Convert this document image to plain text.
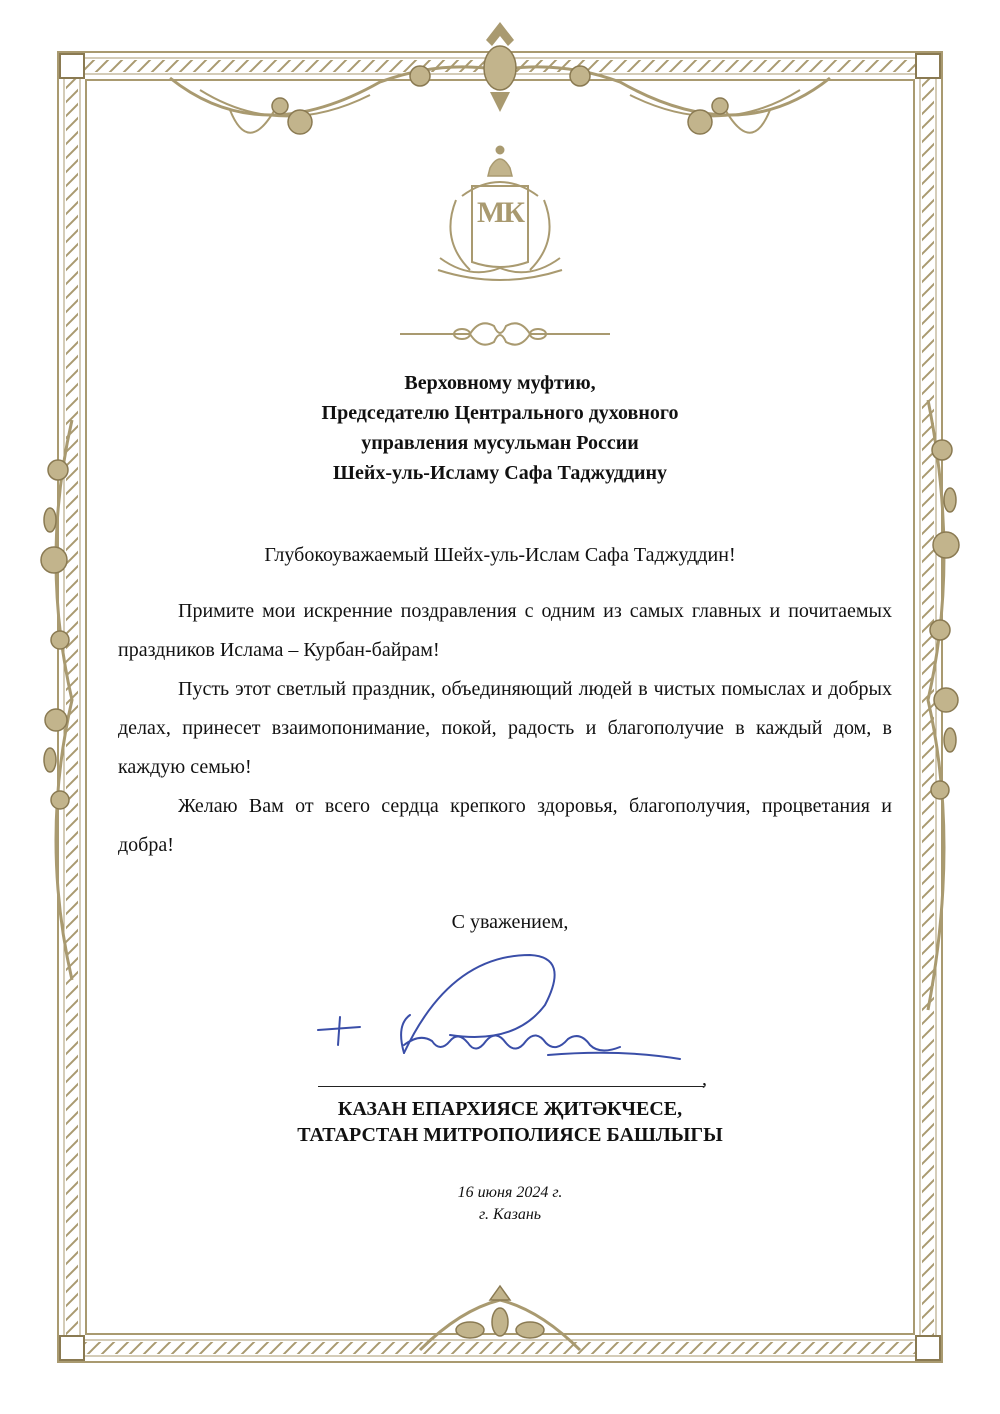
МК
Верховному муфтию,
Председателю Центрального духовного
управления мусульман России
Шейх-уль-Исламу Сафа Таджуддину
Глубокоуважаемый Шейх-уль-Ислам Сафа Таджуддин!

Примите мои искренние поздравления с одним из самых главных и почитаемых праздников Ислама – Курбан-байрам!

Пусть этот светлый праздник, объединяющий людей в чистых помыслах и добрых делах, принесет взаимопонимание, покой, радость и благополучие в каждый дом, в каждую семью!

Желаю Вам от всего сердца крепкого здоровья, благополучия, процветания и добра!

С уважением,
,
КАЗАН ЕПАРХИЯСЕ ҖИТӘКЧЕСЕ,
ТАТАРСТАН МИТРОПОЛИЯСЕ БАШЛЫГЫ
16 июня 2024 г.
г. Казань
